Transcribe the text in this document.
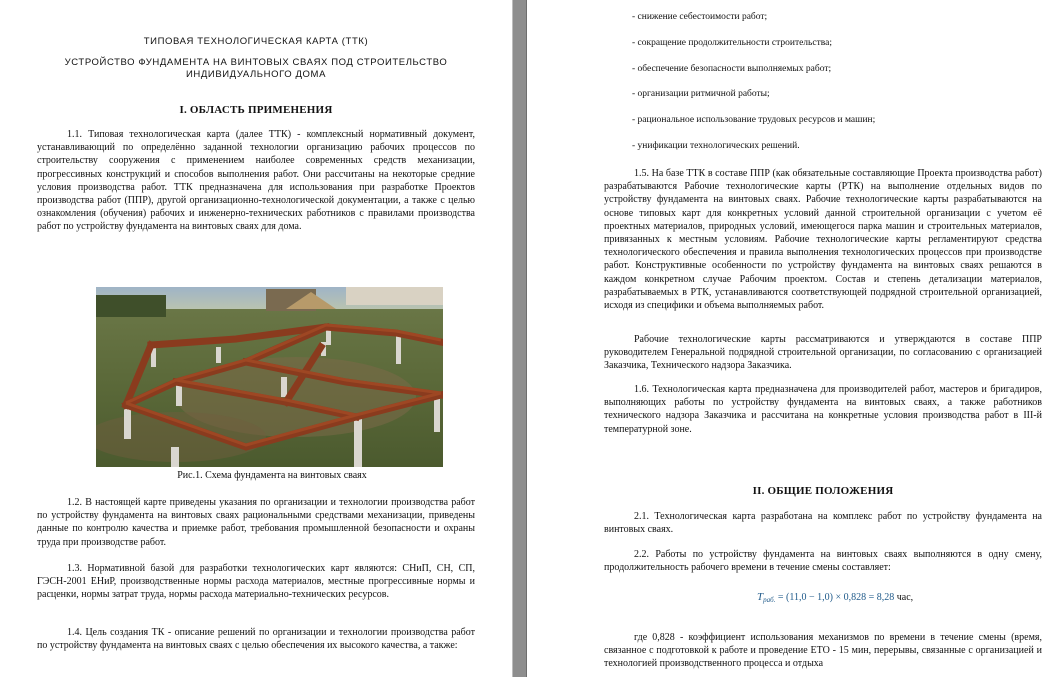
ТИПОВАЯ ТЕХНОЛОГИЧЕСКАЯ КАРТА (ТТК)
УСТРОЙСТВО ФУНДАМЕНТА НА ВИНТОВЫХ СВАЯХ ПОД СТРОИТЕЛЬСТВО
ИНДИВИДУАЛЬНОГО ДОМА
I. ОБЛАСТЬ ПРИМЕНЕНИЯ

1.1. Типовая технологическая карта (далее ТТК) - комплексный нормативный документ, устанавливающий по определённо заданной технологии организацию рабочих процессов по строительству сооружения с применением наиболее современных средств механизации, прогрессивных конструкций и способов выполнения работ. Они рассчитаны на некоторые средние условия производства работ. ТТК предназначена для использования при разработке Проектов производства работ (ППР), другой организационно-технологической документации, а также с целью ознакомления (обучения) рабочих и инженерно-технических работников с правилами производства работ по устройству фундамента на винтовых сваях для дома.

Рис.1. Схема фундамента на винтовых сваях

1.2. В настоящей карте приведены указания по организации и технологии производства работ по устройству фундамента на винтовых сваях рациональными средствами механизации, приведены данные по контролю качества и приемке работ, требования промышленной безопасности и охраны труда при производстве работ.

1.3. Нормативной базой для разработки технологических карт являются: СНиП, СН, СП, ГЭСН-2001 ЕНиР, производственные нормы расхода материалов, местные прогрессивные нормы и расценки, нормы затрат труда, нормы расхода материально-технических ресурсов.

1.4. Цель создания ТК - описание решений по организации и технологии производства работ по устройству фундамента на винтовых сваях с целью обеспечения их высокого качества, а также:

- снижение себестоимости работ;
- сокращение продолжительности строительства;
- обеспечение безопасности выполняемых работ;
- организации ритмичной работы;
- рациональное использование трудовых ресурсов и машин;
- унификации технологических решений.

1.5. На базе ТТК в составе ППР (как обязательные составляющие Проекта производства работ) разрабатываются Рабочие технологические карты (РТК) на выполнение отдельных видов по устройству фундамента на винтовых сваях. Рабочие технологические карты разрабатываются на основе типовых карт для конкретных условий данной строительной организации с учетом её проектных материалов, природных условий, имеющегося парка машин и строительных материалов, привязанных к местным условиям. Рабочие технологические карты регламентируют средства технологического обеспечения и правила выполнения технологических процессов при производстве работ. Конструктивные особенности по устройству фундамента на винтовых сваях решаются в каждом конкретном случае Рабочим проектом. Состав и степень детализации материалов, разрабатываемых в РТК, устанавливаются соответствующей подрядной строительной организацией, исходя из специфики и объема выполняемых работ.

Рабочие технологические карты рассматриваются и утверждаются в составе ППР руководителем Генеральной подрядной строительной организации, по согласованию с организацией Заказчика, Технического надзора Заказчика.

1.6. Технологическая карта предназначена для производителей работ, мастеров и бригадиров, выполняющих работы по устройству фундамента на винтовых сваях, а также работников технического надзора Заказчика и рассчитана на конкретные условия производства работ в III-й температурной зоне.

II. ОБЩИЕ ПОЛОЖЕНИЯ

2.1. Технологическая карта разработана на комплекс работ по устройству фундамента на винтовых сваях.

2.2. Работы по устройству фундамента на винтовых сваях выполняются в одну смену, продолжительность рабочего времени в течение смены составляет:

$T_{раб.} = (11,0 - 1,0) \times 0,828 = 8,28$ час,

где 0,828 - коэффициент использования механизмов по времени в течение смены (время, связанное с подготовкой к работе и проведение ЕТО - 15 мин, перерывы, связанные с организацией и технологией производственного процесса и отдыха
